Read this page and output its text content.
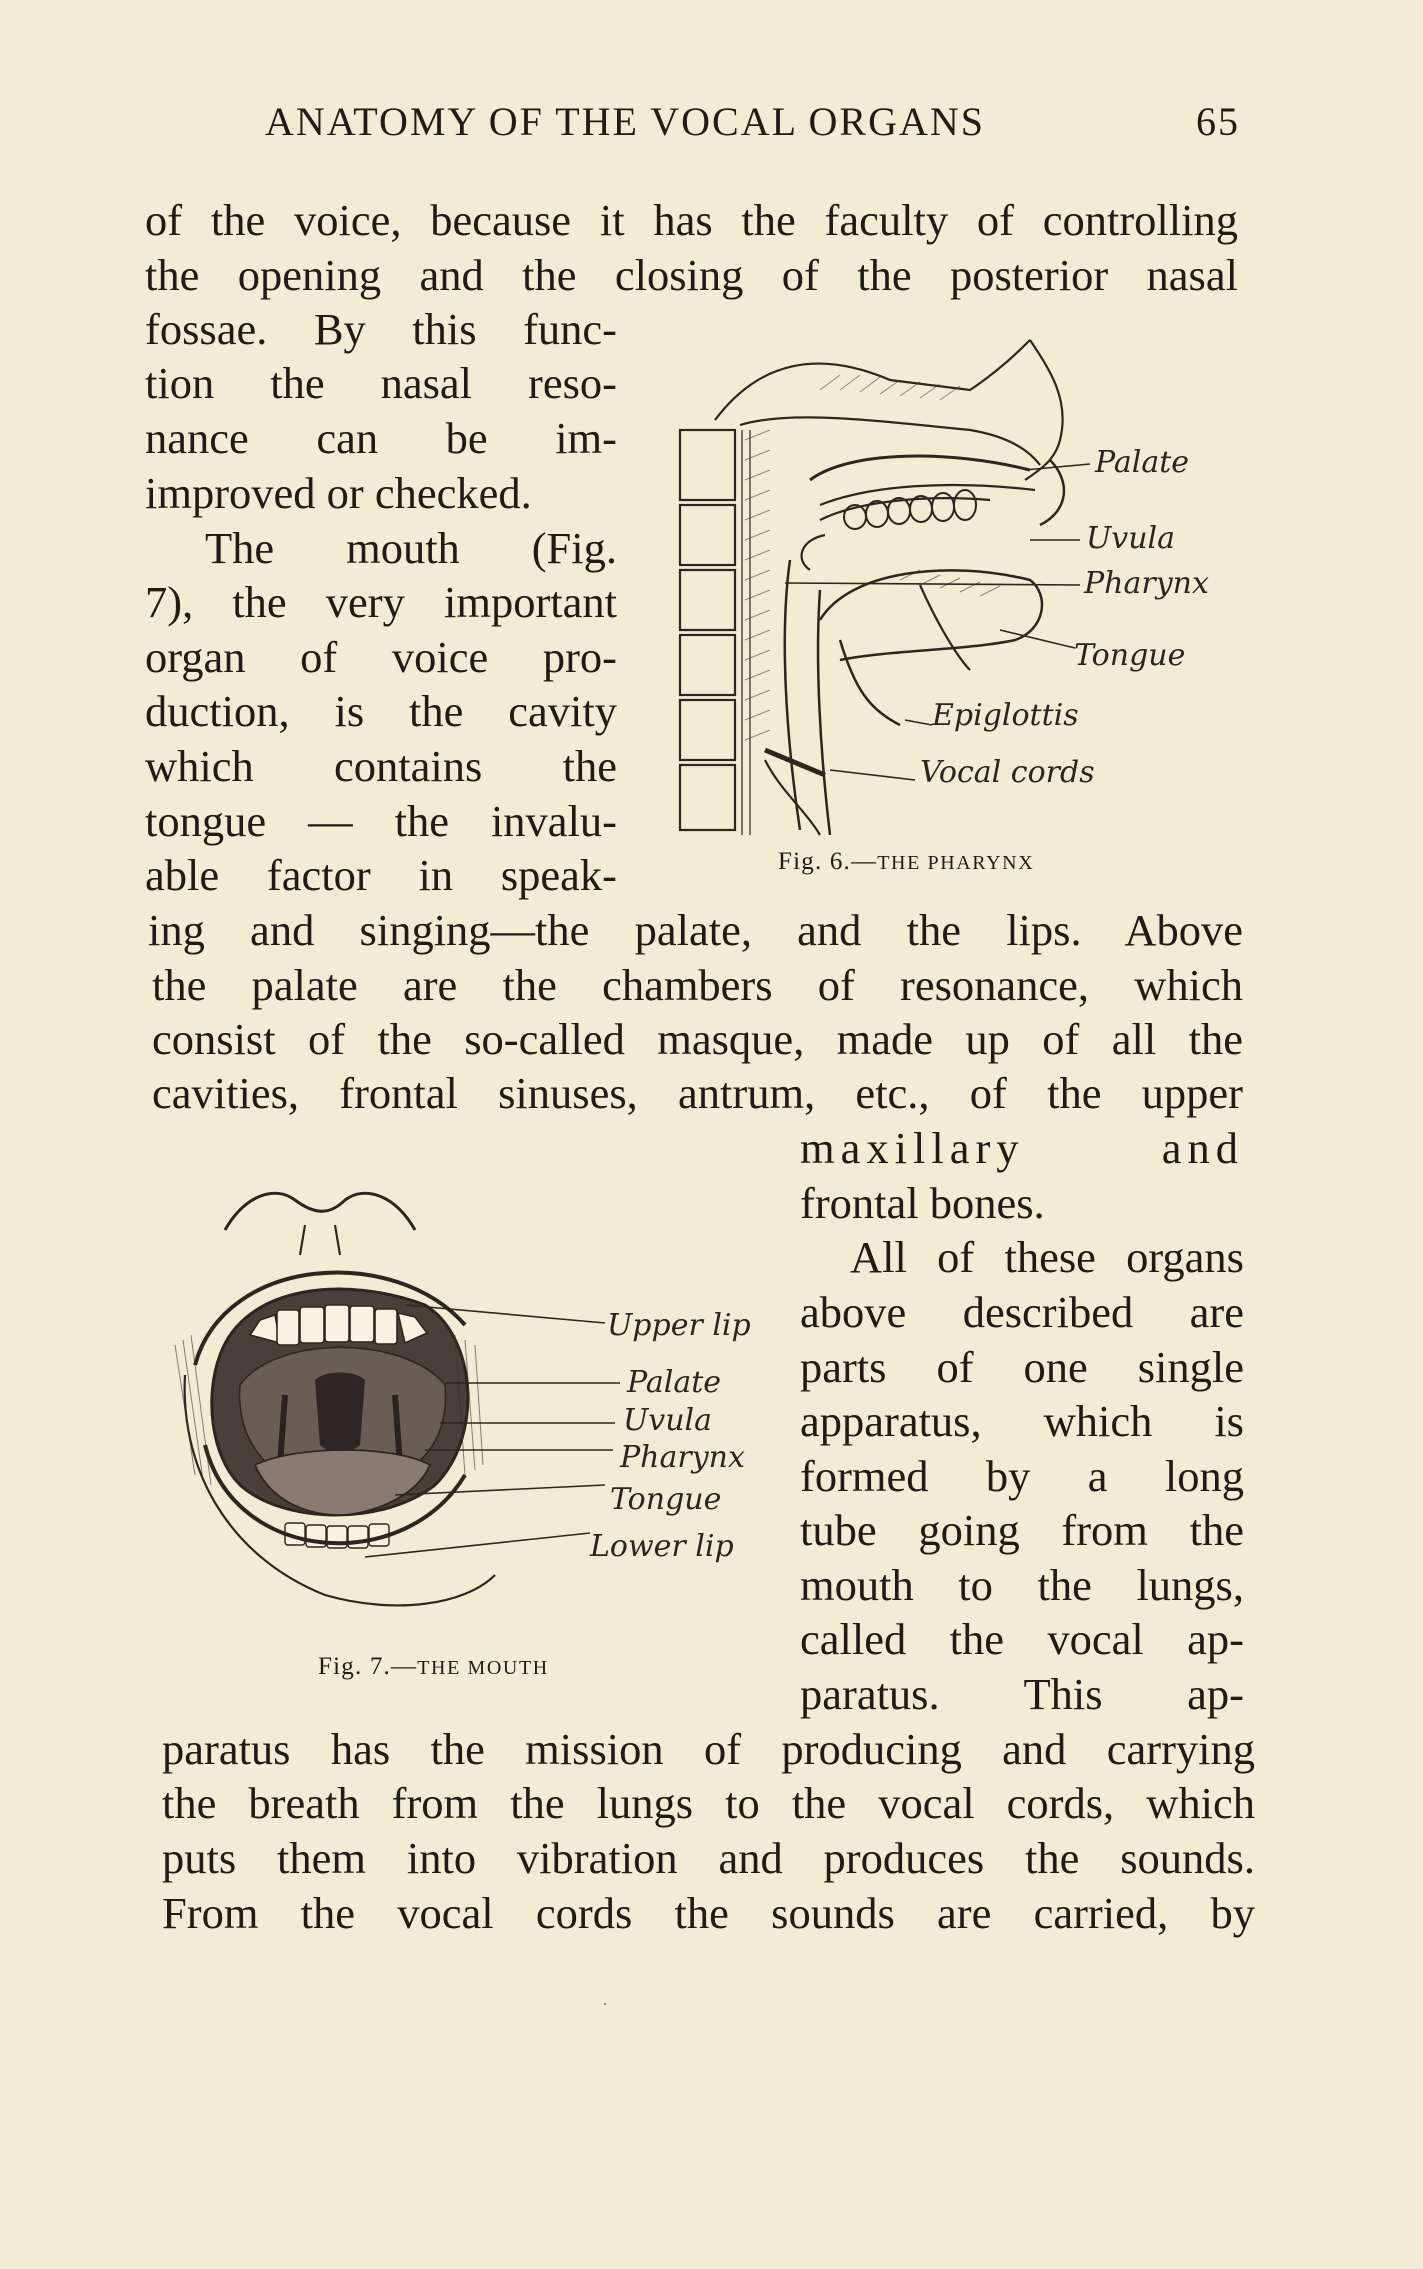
ANATOMY OF THE VOCAL ORGANS	65
of the voice, because it has the faculty of controlling
the opening and the closing of the posterior nasal
fossae. By this func-
tion the nasal reso-
nance can be im-
improved or checked.
The mouth (Fig.
7), the very important
organ of voice pro-
duction, is the cavity
which contains the
tongue — the invalu-
able factor in speak-
ing and singing—the palate, and the lips. Above
the palate are the chambers of resonance, which
consist of the so-called masque, made up of all the
cavities, frontal sinuses, antrum, etc., of the upper
maxillary and
frontal bones.
All of these organs
above described are
parts of one single
apparatus, which is
formed by a long
tube going from the
mouth to the lungs,
called the vocal ap-
paratus. This ap-
paratus has the mission of producing and carrying
the breath from the lungs to the vocal cords, which
puts them into vibration and produces the sounds.
From the vocal cords the sounds are carried, by
Palate
Uvula
Pharynx
Tongue
Epiglottis
Vocal cords
Fig. 6.—THE PHARYNX
Upper lip
Palate
Uvula
Pharynx
Tongue
Lower lip
Fig. 7.—THE MOUTH
